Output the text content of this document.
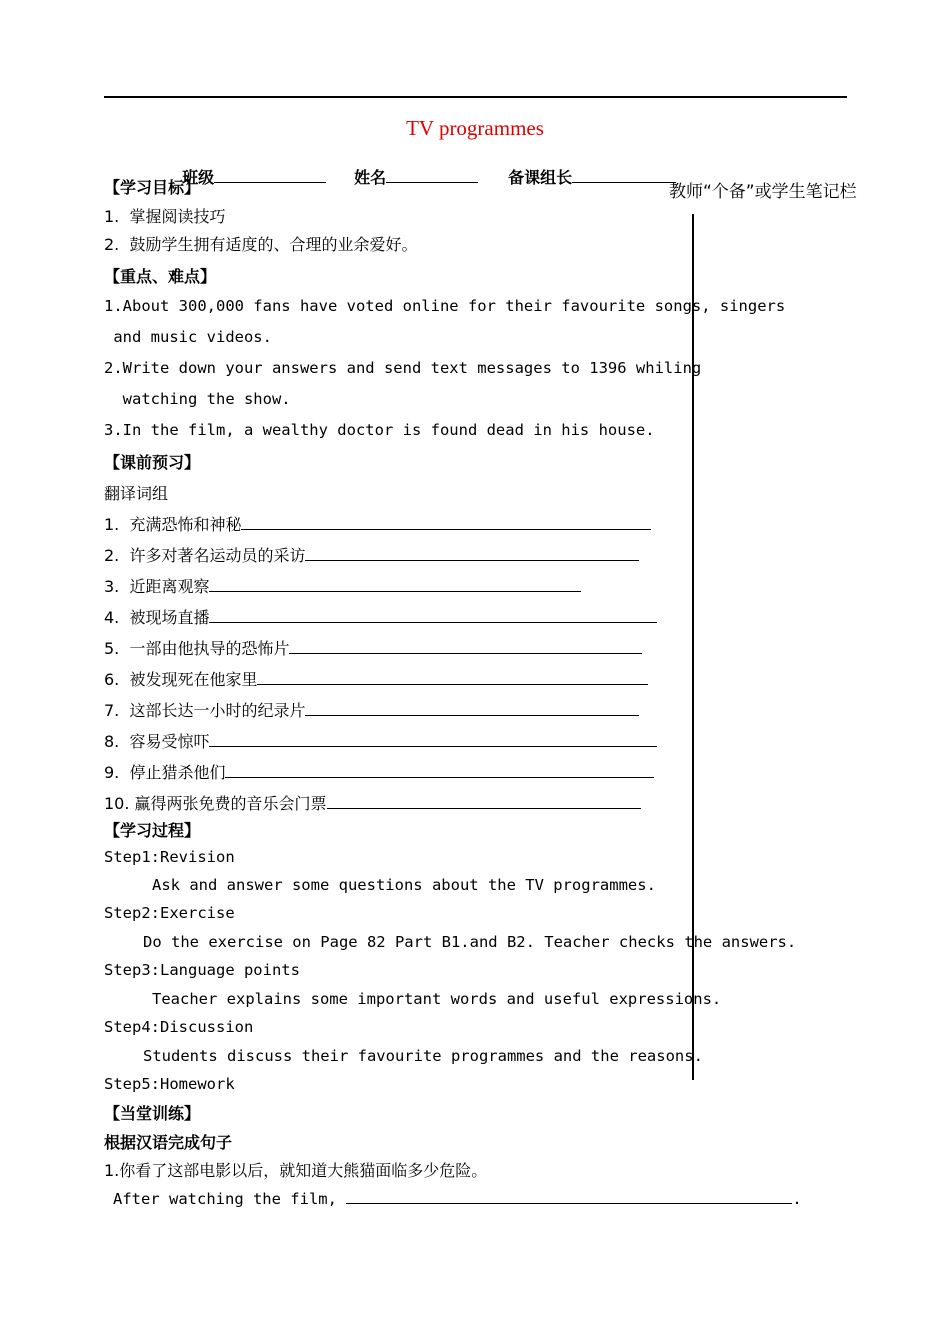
TV programmes

班级	姓名	备课组长

教师“个备”或学生笔记栏
【学习目标】
1.  掌握阅读技巧
2.  鼓励学生拥有适度的、合理的业余爱好。
【重点、难点】
1.About 300,000 fans have voted online for their favourite songs, singers
and music videos.
2.Write down your answers and send text messages to 1396 whiling
watching the show.
3.In the film, a wealthy doctor is found dead in his house.
【课前预习】
翻译词组
1.  充满恐怖和神秘
2.  许多对著名运动员的采访
3.  近距离观察
4.  被现场直播
5.  一部由他执导的恐怖片
6.  被发现死在他家里
7.  这部长达一小时的纪录片
8.  容易受惊吓
9.  停止猎杀他们
10. 赢得两张免费的音乐会门票
【学习过程】
Step1:Revision
Ask and answer some questions about the TV programmes.
Step2:Exercise
Do the exercise on Page 82 Part B1.and B2. Teacher checks the answers.
Step3:Language points
Teacher explains some important words and useful expressions.
Step4:Discussion
Students discuss their favourite programmes and the reasons.
Step5:Homework
【当堂训练】
根据汉语完成句子
1.你看了这部电影以后，就知道大熊猫面临多少危险。
After watching the film,	.
